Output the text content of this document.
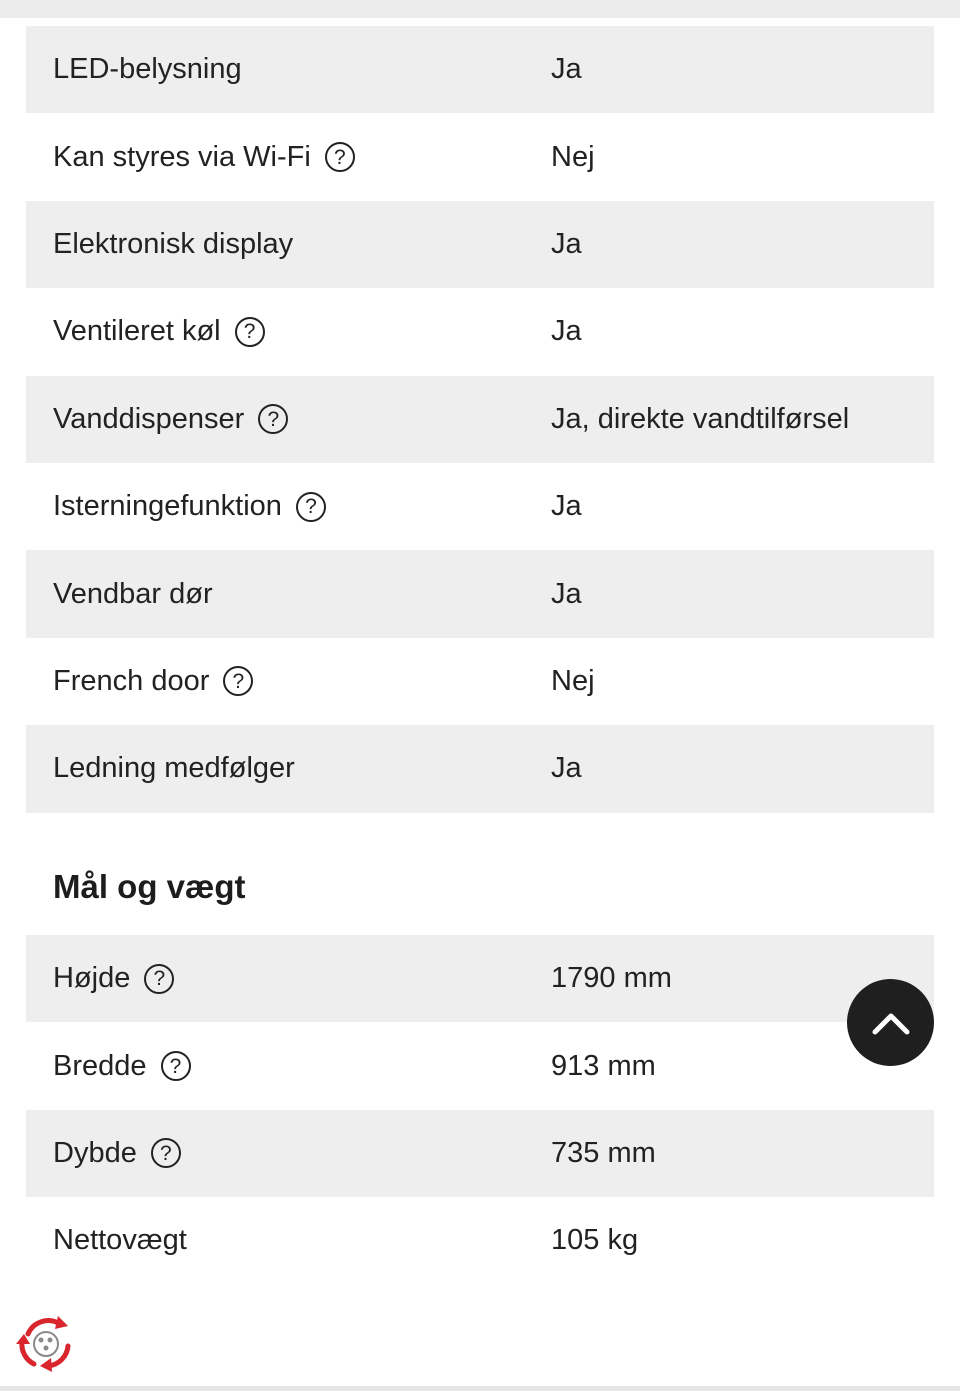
LED-belysning	Ja
Kan styres via Wi-Fi	?	Nej
Elektronisk display	Ja
Ventileret køl	?	Ja
Vanddispenser	?	Ja, direkte vandtilførsel
Isterningefunktion	?	Ja
Vendbar dør	Ja
French door	?	Nej
Ledning medfølger	Ja
Mål og vægt
Højde	?	1790 mm
Bredde	?	913 mm
Dybde	?	735 mm
Nettovægt	105 kg
